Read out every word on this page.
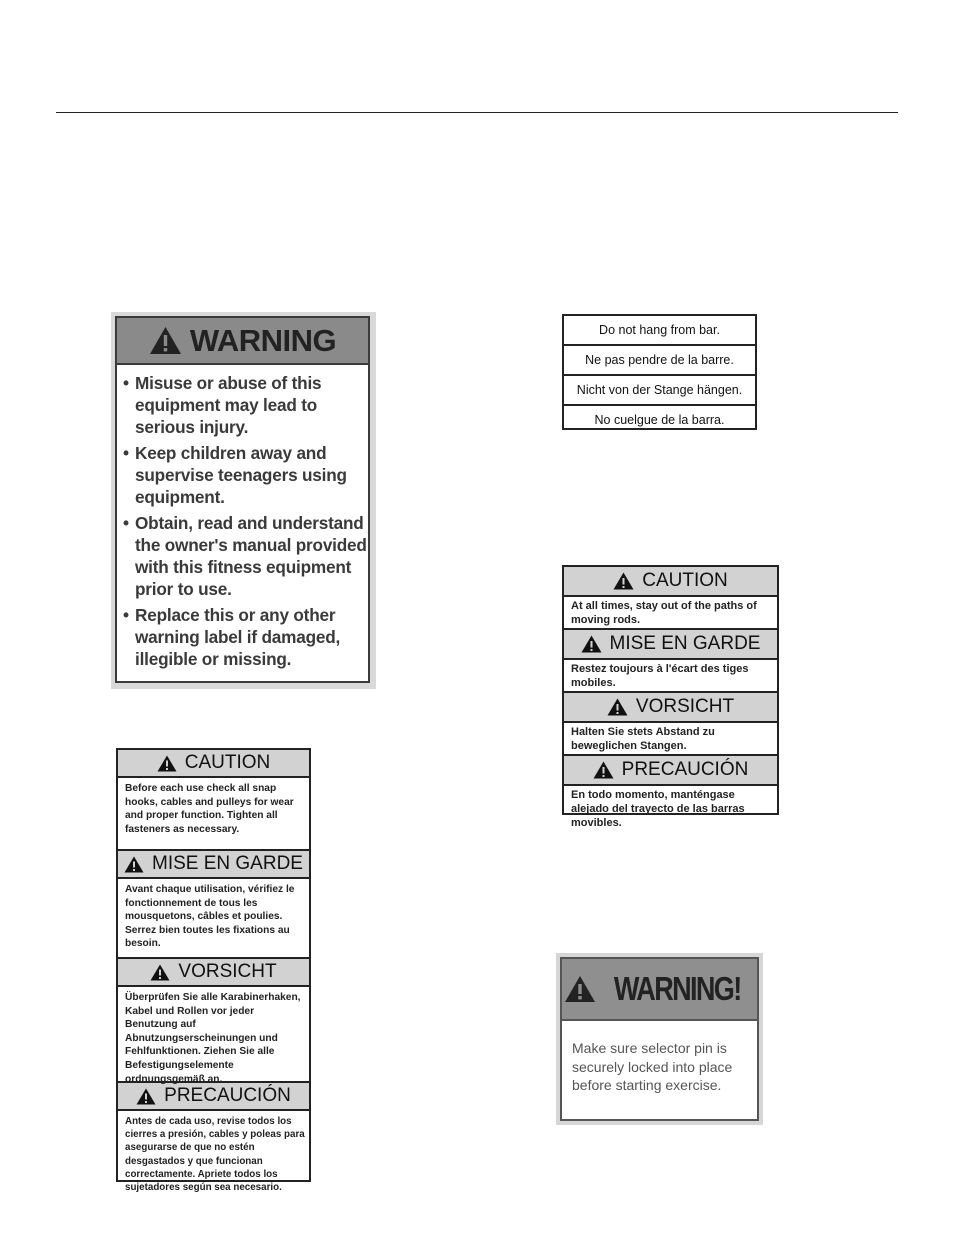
WARNING
• Misuse or abuse of this equipment may lead to serious injury.
• Keep children away and supervise teenagers using equipment.
• Obtain, read and understand the owner's manual provided with this fitness equipment prior to use.
• Replace this or any other warning label if damaged, illegible or missing.
Do not hang from bar.
Ne pas pendre de la barre.
Nicht von der Stange hängen.
No cuelgue de la barra.
CAUTION
Before each use check all snap hooks, cables and pulleys for wear and proper function. Tighten all fasteners as necessary.
MISE EN GARDE
Avant chaque utilisation, vérifiez le fonctionnement de tous les mousquetons, câbles et poulies. Serrez bien toutes les fixations au besoin.
VORSICHT
Überprüfen Sie alle Karabinerhaken, Kabel und Rollen vor jeder Benutzung auf Abnutzungserscheinungen und Fehlfunktionen. Ziehen Sie alle Befestigungselemente ordnungsgemäß an.
PRECAUCIÓN
Antes de cada uso, revise todos los cierres a presión, cables y poleas para asegurarse de que no estén desgastados y que funcionan correctamente. Apriete todos los sujetadores según sea necesario.
CAUTION
At all times, stay out of the paths of moving rods.
MISE EN GARDE
Restez toujours à l'écart des tiges mobiles.
VORSICHT
Halten Sie stets Abstand zu beweglichen Stangen.
PRECAUCIÓN
En todo momento, manténgase alejado del trayecto de las barras movibles.
WARNING!
Make sure selector pin is securely locked into place before starting exercise.
